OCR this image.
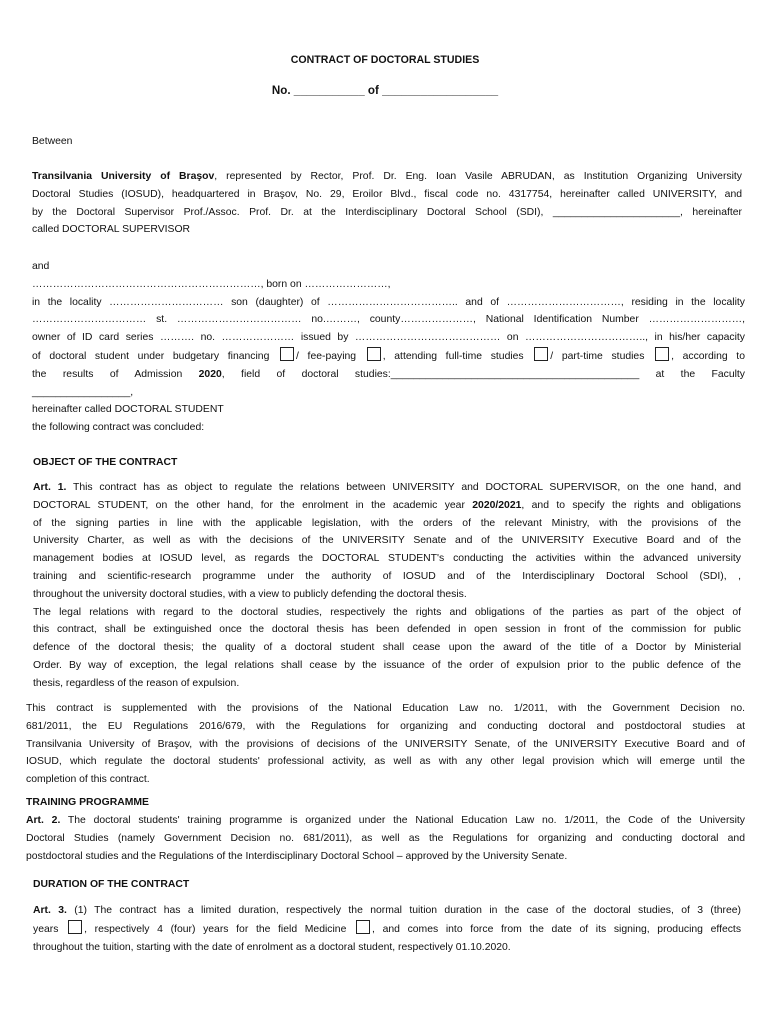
CONTRACT OF DOCTORAL STUDIES
No. ___________ of __________________
Between
Transilvania University of Braşov, represented by Rector, Prof. Dr. Eng. Ioan Vasile ABRUDAN, as Institution Organizing University
Doctoral Studies (IOSUD), headquartered in Braşov, No. 29, Eroilor Blvd., fiscal code no. 4317754, hereinafter called UNIVERSITY, and
by the Doctoral Supervisor Prof./Assoc. Prof. Dr. at the Interdisciplinary Doctoral School (SDI), ______________________, hereinafter
called DOCTORAL SUPERVISOR
and
…………………………………………………………, born on ……………………,
in the locality …………………………… son (daughter) of ……………………………….. and of ……………………………, residing in the locality
…………………………… st. ……………………………… no.………, county…………………, National Identification Number ………………………,
owner of ID card series ………. no. ………………… issued by …………………………………… on …………………………….., in his/her capacity
of doctoral student under budgetary financing	/ fee-paying	, attending full-time studies	/ part-time studies	, according to
the results of Admission 2020, field of doctoral studies:___________________________________________ at the Faculty
_________________,
hereinafter called DOCTORAL STUDENT
the following contract was concluded:
OBJECT OF THE CONTRACT
Art. 1. This contract has as object to regulate the relations between UNIVERSITY and DOCTORAL SUPERVISOR, on the one hand, and
DOCTORAL STUDENT, on the other hand, for the enrolment in the academic year 2020/2021, and to specify the rights and obligations
of the signing parties in line with the applicable legislation, with the orders of the relevant Ministry, with the provisions of the
University Charter, as well as with the decisions of the UNIVERSITY Senate and of the UNIVERSITY Executive Board and of the
management bodies at IOSUD level, as regards the DOCTORAL STUDENT's conducting the activities within the advanced university
training and scientific-research programme under the authority of IOSUD and of the Interdisciplinary Doctoral School (SDI), ,
throughout the university doctoral studies, with a view to publicly defending the doctoral thesis.
The legal relations with regard to the doctoral studies, respectively the rights and obligations of the parties as part of the object of
this contract, shall be extinguished once the doctoral thesis has been defended in open session in front of the commission for public
defence of the doctoral thesis; the quality of a doctoral student shall cease upon the award of the title of a Doctor by Ministerial
Order. By way of exception, the legal relations shall cease by the issuance of the order of expulsion prior to the public defence of the
thesis, regardless of the reason of expulsion.
This contract is supplemented with the provisions of the National Education Law no. 1/2011, with the Government Decision no.
681/2011, the EU Regulations 2016/679, with the Regulations for organizing and conducting doctoral and postdoctoral studies at
Transilvania University of Braşov, with the provisions of decisions of the UNIVERSITY Senate, of the UNIVERSITY Executive Board and of
IOSUD, which regulate the doctoral students' professional activity, as well as with any other legal provision which will emerge until the
completion of this contract.
TRAINING PROGRAMME
Art. 2. The doctoral students' training programme is organized under the National Education Law no. 1/2011, the Code of the University
Doctoral Studies (namely Government Decision no. 681/2011), as well as the Regulations for organizing and conducting doctoral and
postdoctoral studies and the Regulations of the Interdisciplinary Doctoral School – approved by the University Senate.
DURATION OF THE CONTRACT
Art. 3. (1) The contract has a limited duration, respectively the normal tuition duration in the case of the doctoral studies, of 3 (three)
years , respectively 4 (four) years for the field Medicine , and comes into force from the date of its signing, producing effects
throughout the tuition, starting with the date of enrolment as a doctoral student, respectively 01.10.2020.
